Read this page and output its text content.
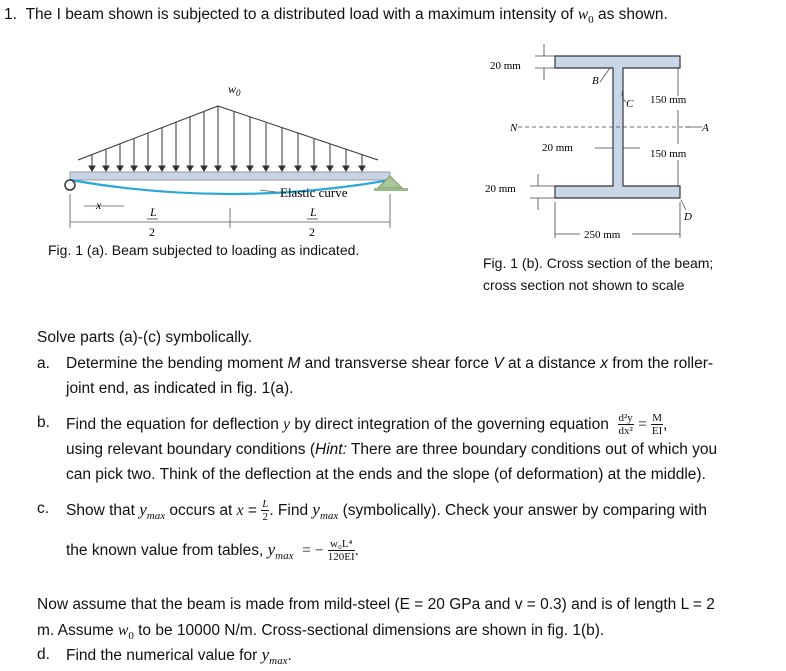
1. The I beam shown is subjected to a distributed load with a maximum intensity of $w_0$ as shown.
$w_0$
Elastic curve
x	L
2
L
2
Fig. 1 (a). Beam subjected to loading as indicated.
N
20 mm
20 mm
20 mm
B
C 150 mm
150 mm
A
D
250 mm
Fig. 1 (b). Cross section of the beam;
cross section not shown to scale
Solve parts (a)-(c) symbolically.
a. Determine the bending moment M and transverse shear force V at a distance x from the roller-
joint end, as indicated in fig. 1(a).
b. Find the equation for deflection y by direct integration of the governing equation $\frac{\text{d²y}}{\text{dx²}} = \frac{M}{EI}$ ,
using relevant boundary conditions (Hint: There are three boundary conditions out of which you
can pick two. Think of the deflection at the ends and the slope (of deformation) at the middle).
c. Show that $y_{max}$ occurs at $x = \frac{L}{2}$ . Find $y_{max}$ (symbolically). Check your answer by comparing with
the known value from tables, $y_{max}$ = − $\frac{\text{w₀L⁴}}{120EI}$ .
Now assume that the beam is made from mild-steel (E = 20 GPa and v = 0.3) and is of length L = 2
m. Assume $w_0$ to be 10000 N/m. Cross-sectional dimensions are shown in fig. 1(b).
d. Find the numerical value for $y_{max}$.
